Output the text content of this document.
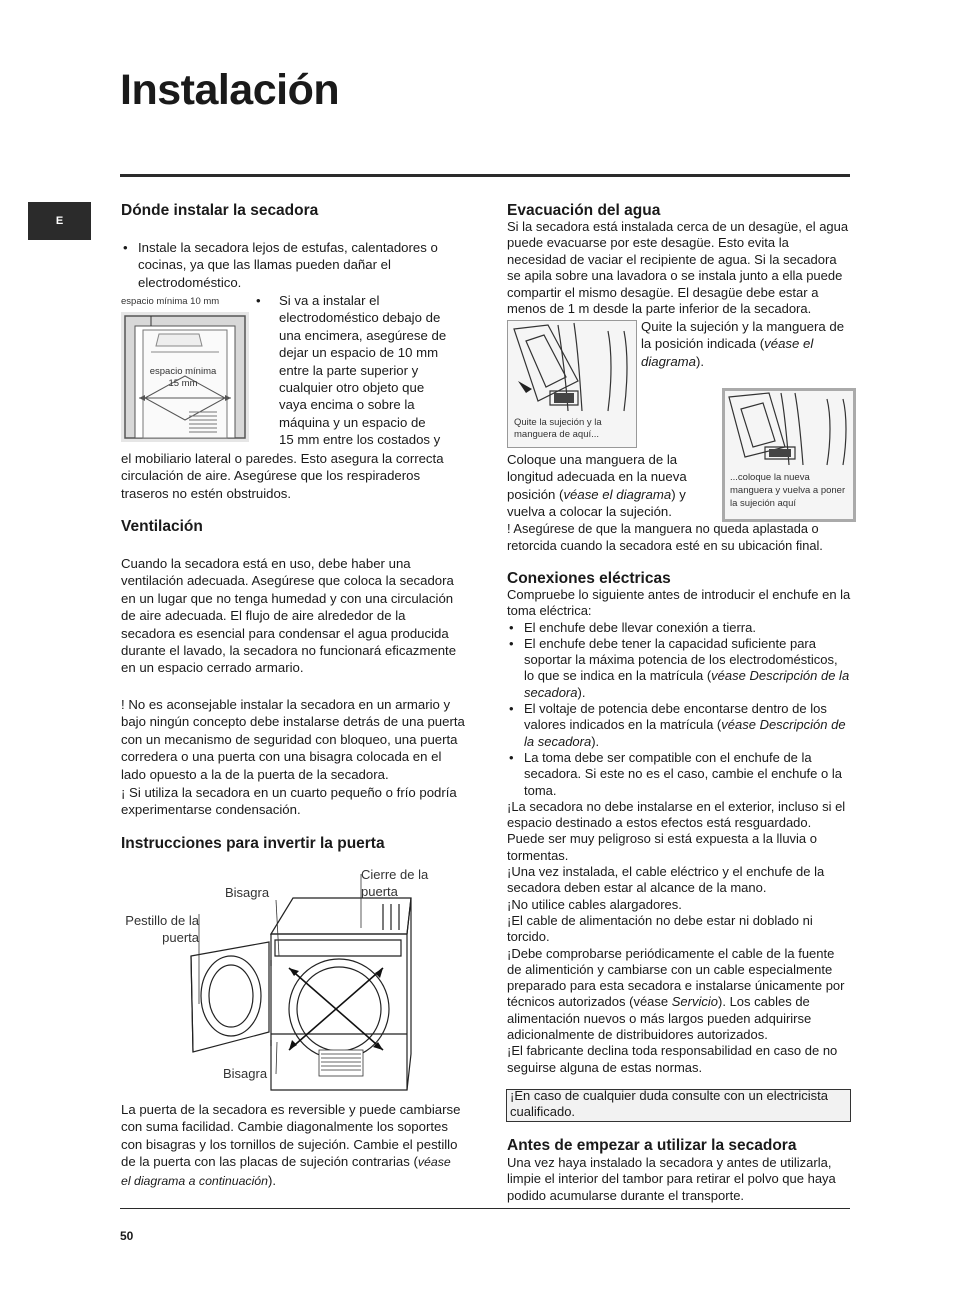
Instalación
E
Dónde instalar la secadora
• Instale la secadora lejos de estufas, calentadores o cocinas, ya que las llamas pueden dañar el electrodoméstico.
espacio mínima 10 mm
espacio mínima
15 mm
• Si va a instalar el
electrodoméstico debajo de
una encimera, asegúrese de
dejar un espacio de 10 mm
entre la parte superior y
cualquier otro objeto que
vaya encima o sobre la
máquina y un espacio de
15 mm entre los costados y

el mobiliario lateral o paredes. Esto asegura la correcta circulación de aire. Asegúrese que los respiraderos traseros no estén obstruidos.

Ventilación

Cuando la secadora está en uso, debe haber una ventilación adecuada. Asegúrese que coloca la secadora en un lugar que no tenga humedad y con una circulación de aire adecuada. El flujo de aire alrededor de la secadora es esencial para condensar el agua producida durante el lavado, la secadora no funcionará eficazmente en un espacio cerrado armario.

! No es aconsejable instalar la secadora en un armario y bajo ningún concepto debe instalarse detrás de una puerta con un mecanismo de seguridad con bloqueo, una puerta corredera o una puerta con una bisagra colocada en el lado opuesto a la de la puerta de la secadora.

¡ Si utiliza la secadora en un cuarto pequeño o frío podría experimentarse condensación.

Instrucciones para invertir la puerta
Bisagra
Cierre de la puerta
Pestillo de la puerta
Bisagra

La puerta de la secadora es reversible y puede cambiarse con suma facilidad. Cambie diagonalmente los soportes con bisagras y los tornillos de sujeción. Cambie el pestillo de la puerta con las placas de sujeción contrarias (véase el diagrama a continuación).

Evacuación del agua

Si la secadora está instalada cerca de un desagüe, el agua puede evacuarse por este desagüe. Esto evita la necesidad de vaciar el recipiente de agua. Si la secadora se apila sobre una lavadora o se instala junto a ella puede compartir el mismo desagüe. El desagüe debe estar a menos de 1 m desde la parte inferior de la secadora.

Quite la sujeción y la manguera de aquí...

Quite la sujeción y la manguera de la posición indicada (véase el diagrama).

...coloque la nueva manguera y vuelva a poner la sujeción aquí

Coloque una manguera de la longitud adecuada en la nueva posición (véase el diagrama) y vuelva a colocar la sujeción.

! Asegúrese de que la manguera no queda aplastada o retorcida cuando la secadora esté en su ubicación final.

Conexiones eléctricas

Compruebe lo siguiente antes de introducir el enchufe en la toma eléctrica:

• El enchufe debe llevar conexión a tierra.
• El enchufe debe tener la capacidad suficiente para soportar la máxima potencia de los electrodomésticos, lo que se indica en la matrícula (véase Descripción de la secadora).
• El voltaje de potencia debe encontarse dentro de los valores indicados en la matrícula (véase Descripción de la secadora).
• La toma debe ser compatible con el enchufe de la secadora. Si este no es el caso, cambie el enchufe o la toma.

¡La secadora no debe instalarse en el exterior, incluso si el espacio destinado a estos efectos está resguardado. Puede ser muy peligroso si está expuesta a la lluvia o tormentas.

¡Una vez instalada, el cable eléctrico y el enchufe de la secadora deben estar al alcance de la mano.

¡No utilice cables alargadores.

¡El cable de alimentación no debe estar ni doblado ni torcido.

¡Debe comprobarse periódicamente el cable de la fuente de alimentición y cambiarse con un cable especialmente preparado para esta secadora e instalarse únicamente por técnicos autorizados (véase Servicio). Los cables de alimentación nuevos o más largos pueden adquirirse adicionalmente de distribuidores autorizados.

¡El fabricante declina toda responsabilidad en caso de no seguirse alguna de estas normas.

¡En caso de cualquier duda consulte con un electricista cualificado.

Antes de empezar a utilizar la secadora

Una vez haya instalado la secadora y antes de utilizarla, limpie el interior del tambor para retirar el polvo que haya podido acumularse durante el transporte.

50
